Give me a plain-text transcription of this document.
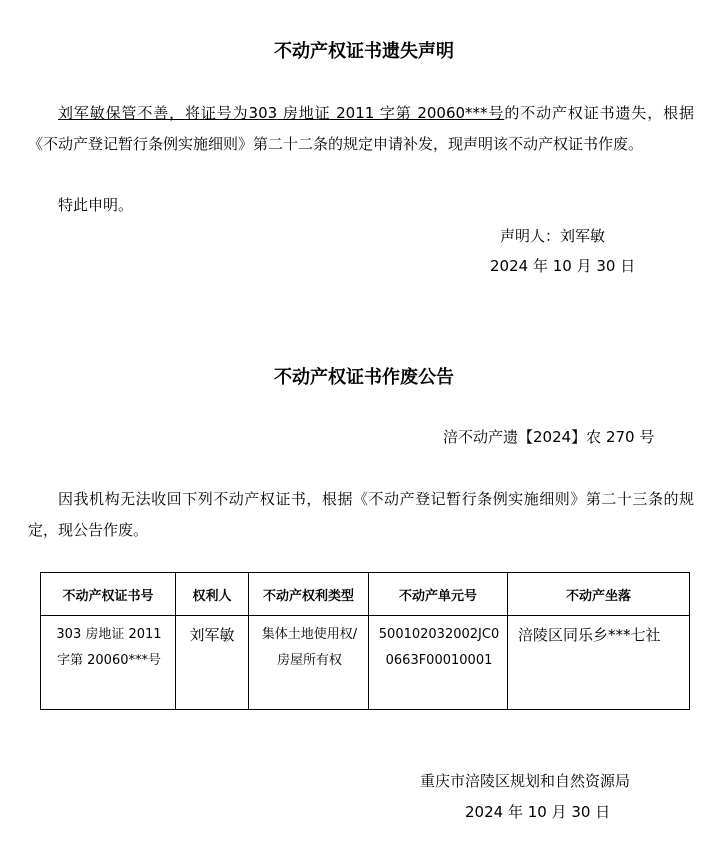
不动产权证书遗失声明

刘军敏保管不善，将证号为303 房地证 2011 字第 20060***号的不动产权证书遗失，根据《不动产登记暂行条例实施细则》第二十二条的规定申请补发，现声明该不动产权证书作废。

特此申明。

声明人：刘军敏
2024 年 10 月 30 日
不动产权证书作废公告
涪不动产遗【2024】农 270 号

因我机构无法收回下列不动产权证书，根据《不动产登记暂行条例实施细则》第二十三条的规定，现公告作废。

不动产权证书号	权利人	不动产权利类型	不动产单元号	不动产坐落
303 房地证 2011 字第 20060***号	刘军敏	集体土地使用权/房屋所有权	500102032002JC00663F00010001	涪陵区同乐乡***七社
重庆市涪陵区规划和自然资源局
2024 年 10 月 30 日
